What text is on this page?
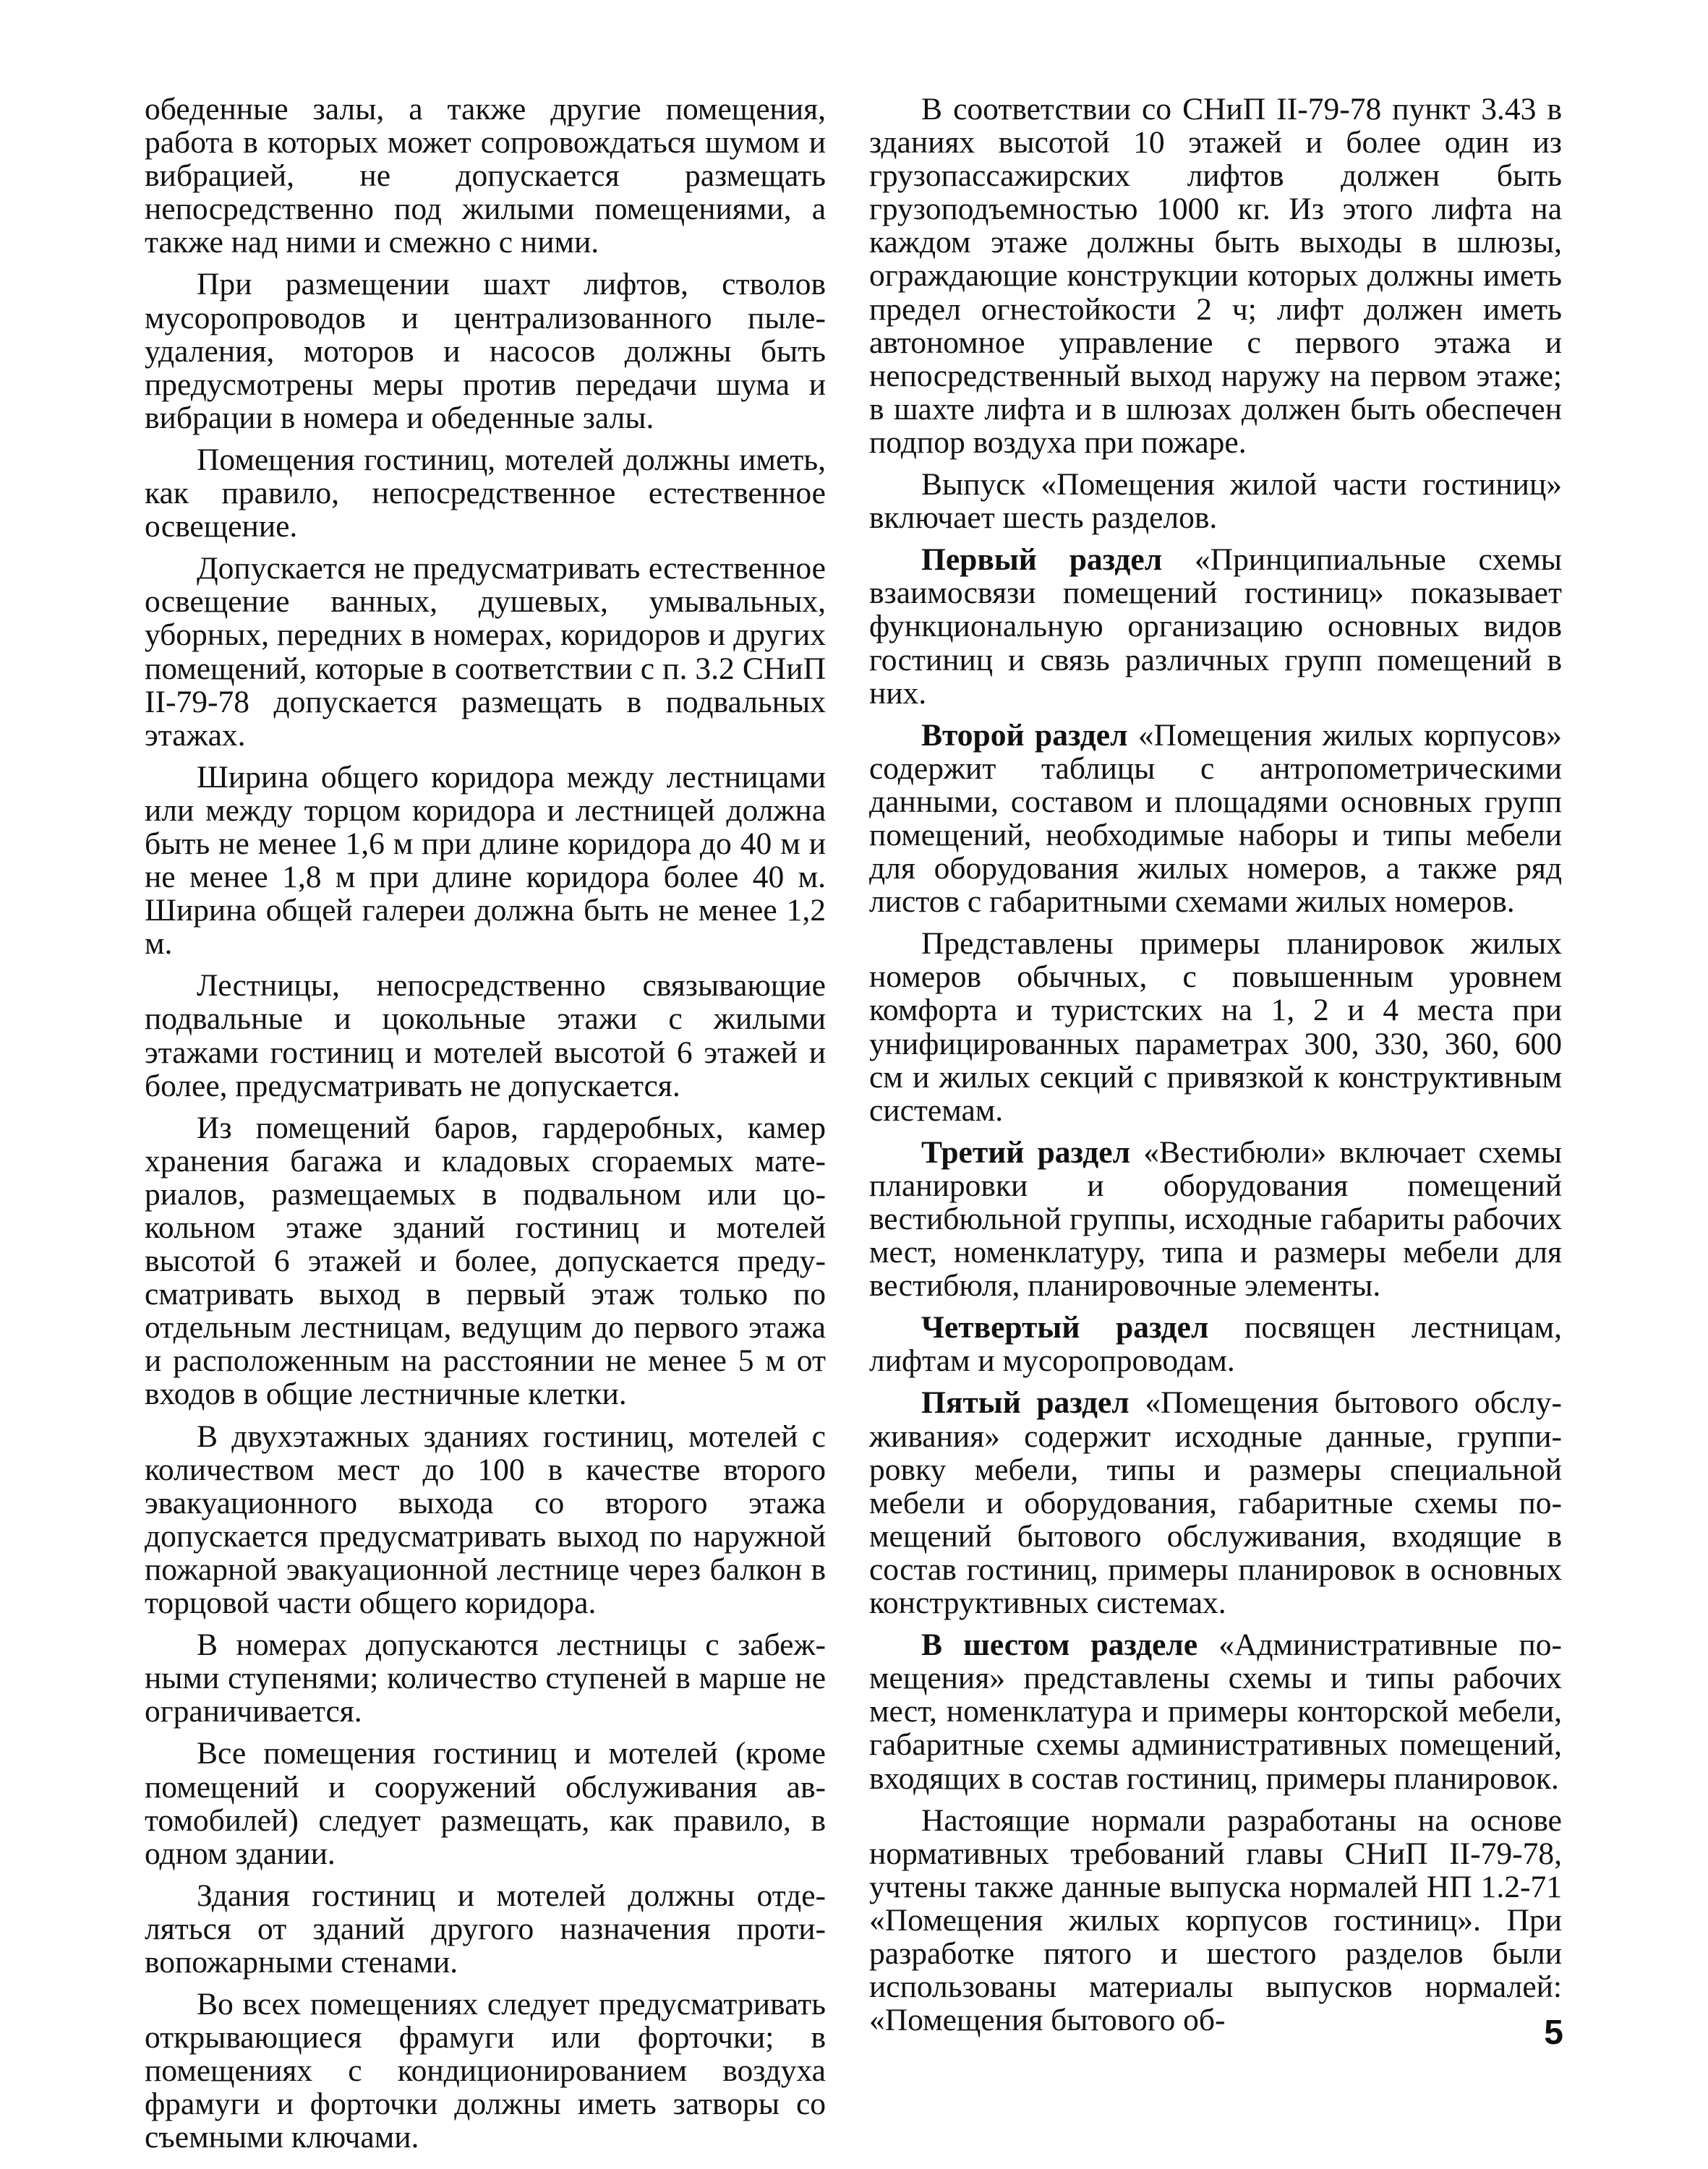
обеденные залы, а также другие помещения, работа в которых может сопровождаться шумом и вибрацией, не допускается размещать непосредственно под жилыми помещениями, а также над ними и смежно с ними.

При размещении шахт лифтов, стволов мусоропроводов и централизованного пылеудаления, моторов и насосов должны быть предусмотрены меры против передачи шума и вибрации в номера и обеденные залы.

Помещения гостиниц, мотелей должны иметь, как правило, непосредственное естественное освещение.

Допускается не предусматривать естественное освещение ванных, душевых, умывальных, уборных, передних в номерах, коридоров и других помещений, которые в соответствии с п. 3.2 СНиП II-79-78 допускается размещать в подвальных этажах.

Ширина общего коридора между лестницами или между торцом коридора и лестницей должна быть не менее 1,6 м при длине коридора до 40 м и не менее 1,8 м при длине коридора более 40 м. Ширина общей галереи должна быть не менее 1,2 м.

Лестницы, непосредственно связывающие подвальные и цокольные этажи с жилыми этажами гостиниц и мотелей высотой 6 этажей и более, предусматривать не допускается.

Из помещений баров, гардеробных, камер хранения багажа и кладовых сгораемых материалов, размещаемых в подвальном или цокольном этаже зданий гостиниц и мотелей высотой 6 этажей и более, допускается предусматривать выход в первый этаж только по отдельным лестницам, ведущим до первого этажа и расположенным на расстоянии не менее 5 м от входов в общие лестничные клетки.

В двухэтажных зданиях гостиниц, мотелей с количеством мест до 100 в качестве второго эвакуационного выхода со второго этажа допускается предусматривать выход по наружной пожарной эвакуационной лестнице через балкон в торцовой части общего коридора.

В номерах допускаются лестницы с забежными ступенями; количество ступеней в марше не ограничивается.

Все помещения гостиниц и мотелей (кроме помещений и сооружений обслуживания автомобилей) следует размещать, как правило, в одном здании.

Здания гостиниц и мотелей должны отделяться от зданий другого назначения противопожарными стенами.

Во всех помещениях следует предусматривать открывающиеся фрамуги или форточки; в помещениях с кондиционированием воздуха фрамуги и форточки должны иметь затворы со съемными ключами.

В соответствии со СНиП II-79-78 пункт 3.43 в зданиях высотой 10 этажей и более один из грузопассажирских лифтов должен быть грузоподъемностью 1000 кг. Из этого лифта на каждом этаже должны быть выходы в шлюзы, ограждающие конструкции которых должны иметь предел огнестойкости 2 ч; лифт должен иметь автономное управление с первого этажа и непосредственный выход наружу на первом этаже; в шахте лифта и в шлюзах должен быть обеспечен подпор воздуха при пожаре.

Выпуск «Помещения жилой части гостиниц» включает шесть разделов.

Первый раздел «Принципиальные схемы взаимосвязи помещений гостиниц» показывает функциональную организацию основных видов гостиниц и связь различных групп помещений в них.

Второй раздел «Помещения жилых корпусов» содержит таблицы с антропометрическими данными, составом и площадями основных групп помещений, необходимые наборы и типы мебели для оборудования жилых номеров, а также ряд листов с габаритными схемами жилых номеров.

Представлены примеры планировок жилых номеров обычных, с повышенным уровнем комфорта и туристских на 1, 2 и 4 места при унифицированных параметрах 300, 330, 360, 600 см и жилых секций с привязкой к конструктивным системам.

Третий раздел «Вестибюли» включает схемы планировки и оборудования помещений вестибюльной группы, исходные габариты рабочих мест, номенклатуру, типа и размеры мебели для вестибюля, планировочные элементы.

Четвертый раздел посвящен лестницам, лифтам и мусоропроводам.

Пятый раздел «Помещения бытового обслуживания» содержит исходные данные, группировку мебели, типы и размеры специальной мебели и оборудования, габаритные схемы помещений бытового обслуживания, входящие в состав гостиниц, примеры планировок в основных конструктивных системах.

В шестом разделе «Административные помещения» представлены схемы и типы рабочих мест, номенклатура и примеры конторской мебели, габаритные схемы административных помещений, входящих в состав гостиниц, примеры планировок.

Настоящие нормали разработаны на основе нормативных требований главы СНиП II-79-78, учтены также данные выпуска нормалей НП 1.2-71 «Помещения жилых корпусов гостиниц». При разработке пятого и шестого разделов были использованы материалы выпусков нормалей: «Помещения бытового об-	5
